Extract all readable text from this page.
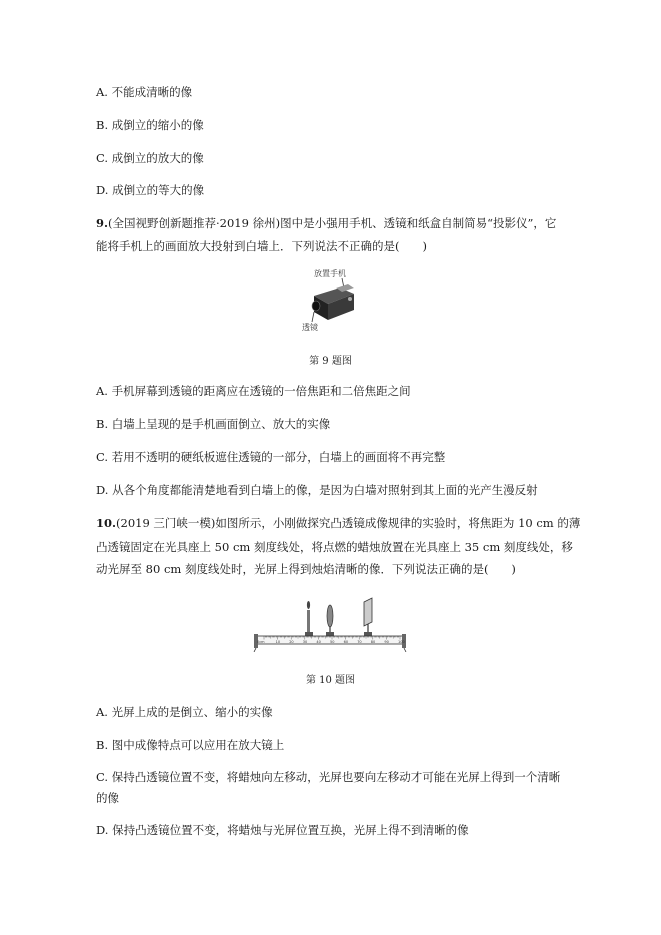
A. 不能成清晰的像
B. 成倒立的缩小的像
C. 成倒立的放大的像
D. 成倒立的等大的像
9.(全国视野创新题推荐·2019 徐州)图中是小强用手机、透镜和纸盒自制简易“投影仪”，它
能将手机上的画面放大投射到白墙上．下列说法不正确的是(　　)
放置手机
透镜
第 9 题图
A. 手机屏幕到透镜的距离应在透镜的一倍焦距和二倍焦距之间
B. 白墙上呈现的是手机画面倒立、放大的实像
C. 若用不透明的硬纸板遮住透镜的一部分，白墙上的画面将不再完整
D. 从各个角度都能清楚地看到白墙上的像，是因为白墙对照射到其上面的光产生漫反射
10.(2019 三门峡一模)如图所示，小刚做探究凸透镜成像规律的实验时，将焦距为 10 cm 的薄
凸透镜固定在光具座上 50 cm 刻度线处，将点燃的蜡烛放置在光具座上 35 cm 刻度线处，移
动光屏至 80 cm 刻度线处时，光屏上得到烛焰清晰的像．下列说法正确的是(　　)
0cm	10	20	30	40	50	60	70	80	90	100
第 10 题图
A. 光屏上成的是倒立、缩小的实像
B. 图中成像特点可以应用在放大镜上
C. 保持凸透镜位置不变，将蜡烛向左移动，光屏也要向左移动才可能在光屏上得到一个清晰
的像
D. 保持凸透镜位置不变，将蜡烛与光屏位置互换，光屏上得不到清晰的像
